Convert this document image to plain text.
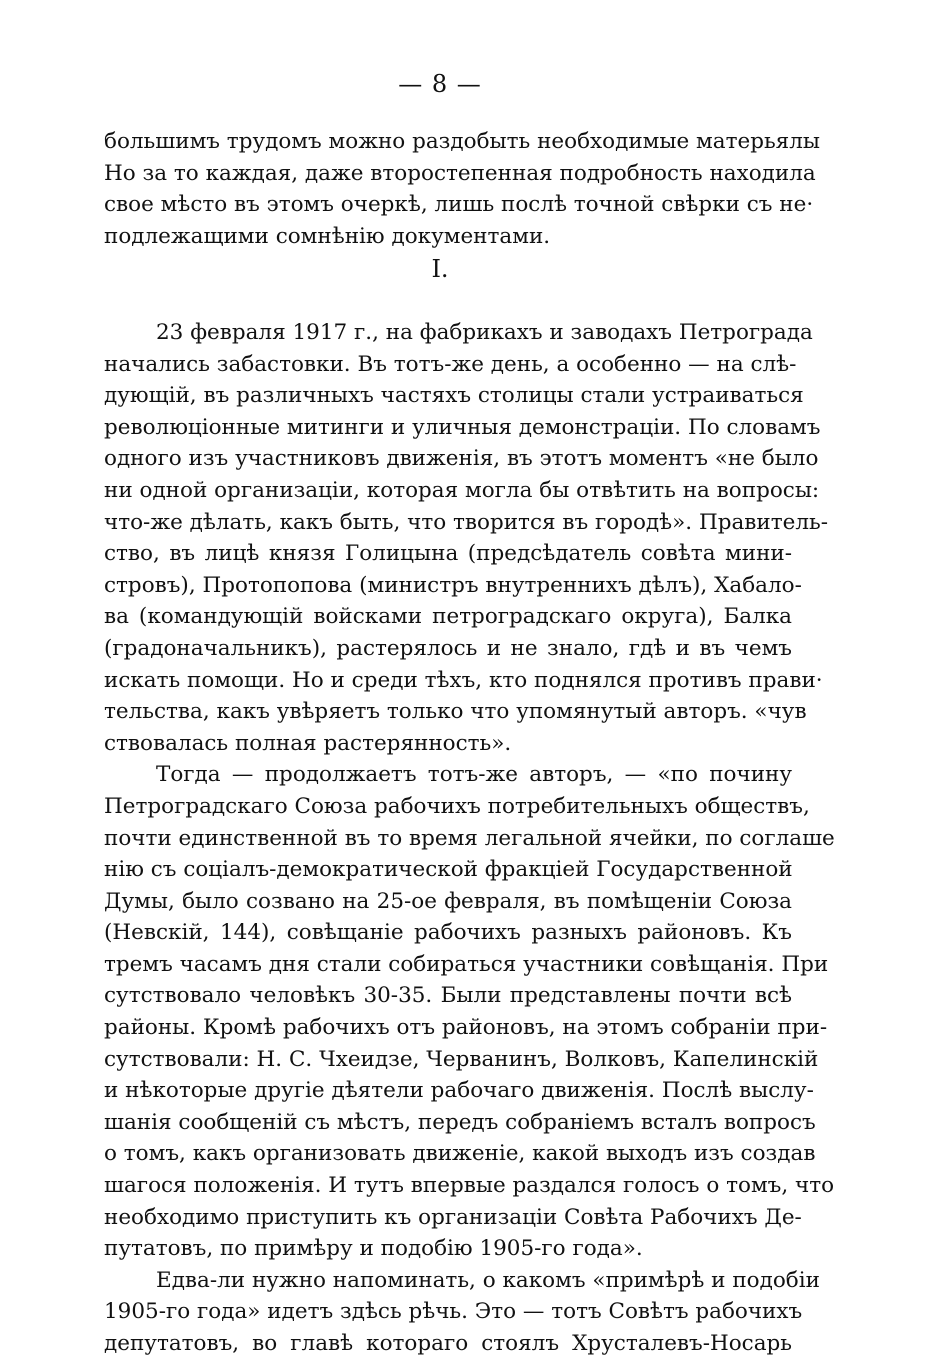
— 8 —
большимъ трудомъ можно раздобыть необходимые матерьялы
Но за то каждая, даже второстепенная подробность находила
свое мѣсто въ этомъ очеркѣ, лишь послѣ точной свѣрки съ не·
подлежащими сомнѣнію документами.
I.
23 февраля 1917 г., на фабрикахъ и заводахъ Петрограда
начались забастовки. Въ тотъ-же день, а особенно — на слѣ-
дующій, въ различныхъ частяхъ столицы стали устраиваться
революціонные митинги и уличныя демонстраціи. По словамъ
одного изъ участниковъ движенія, въ этотъ моментъ «не было
ни одной организаціи, которая могла бы отвѣтить на вопросы:
что-же дѣлать, какъ быть, что творится въ городѣ». Правитель-
ство, въ лицѣ князя Голицына (предсѣдатель совѣта мини-
стровъ), Протопопова (министръ внутреннихъ дѣлъ), Хабало-
ва (командующій войсками петроградскаго округа), Балка
(градоначальникъ), растерялось и не знало, гдѣ и въ чемъ
искать помощи. Но и среди тѣхъ, кто поднялся противъ прави·
тельства, какъ увѣряетъ только что упомянутый авторъ. «чув
ствовалась полная растерянность».
Тогда — продолжаетъ тотъ-же авторъ, — «по почину
Петроградскаго Союза рабочихъ потребительныхъ обществъ,
почти единственной въ то время легальной ячейки, по соглаше
нію съ соціалъ-демократической фракціей Государственной
Думы, было созвано на 25-ое февраля, въ помѣщеніи Союза
(Невскій, 144), совѣщаніе рабочихъ разныхъ районовъ. Къ
тремъ часамъ дня стали собираться участники совѣщанія. При
сутствовало человѣкъ 30-35. Были представлены почти всѣ
районы. Кромѣ рабочихъ отъ районовъ, на этомъ собраніи при-
сутствовали: Н. С. Чхеидзе, Черванинъ, Волковъ, Капелинскій
и нѣкоторые другіе дѣятели рабочаго движенія. Послѣ выслу-
шанія сообщеній съ мѣстъ, передъ собраніемъ всталъ вопросъ
о томъ, какъ организовать движеніе, какой выходъ изъ создав
шагося положенія. И тутъ впервые раздался голосъ о томъ, что
необходимо приступить къ организаціи Совѣта Рабочихъ Де-
путатовъ, по примѣру и подобію 1905-го года».
Едва-ли нужно напоминать, о какомъ «примѣрѣ и подобіи
1905-го года» идетъ здѣсь рѣчь. Это — тотъ Совѣтъ рабочихъ
депутатовъ, во главѣ котораго стоялъ Хрусталевъ-Носарь
